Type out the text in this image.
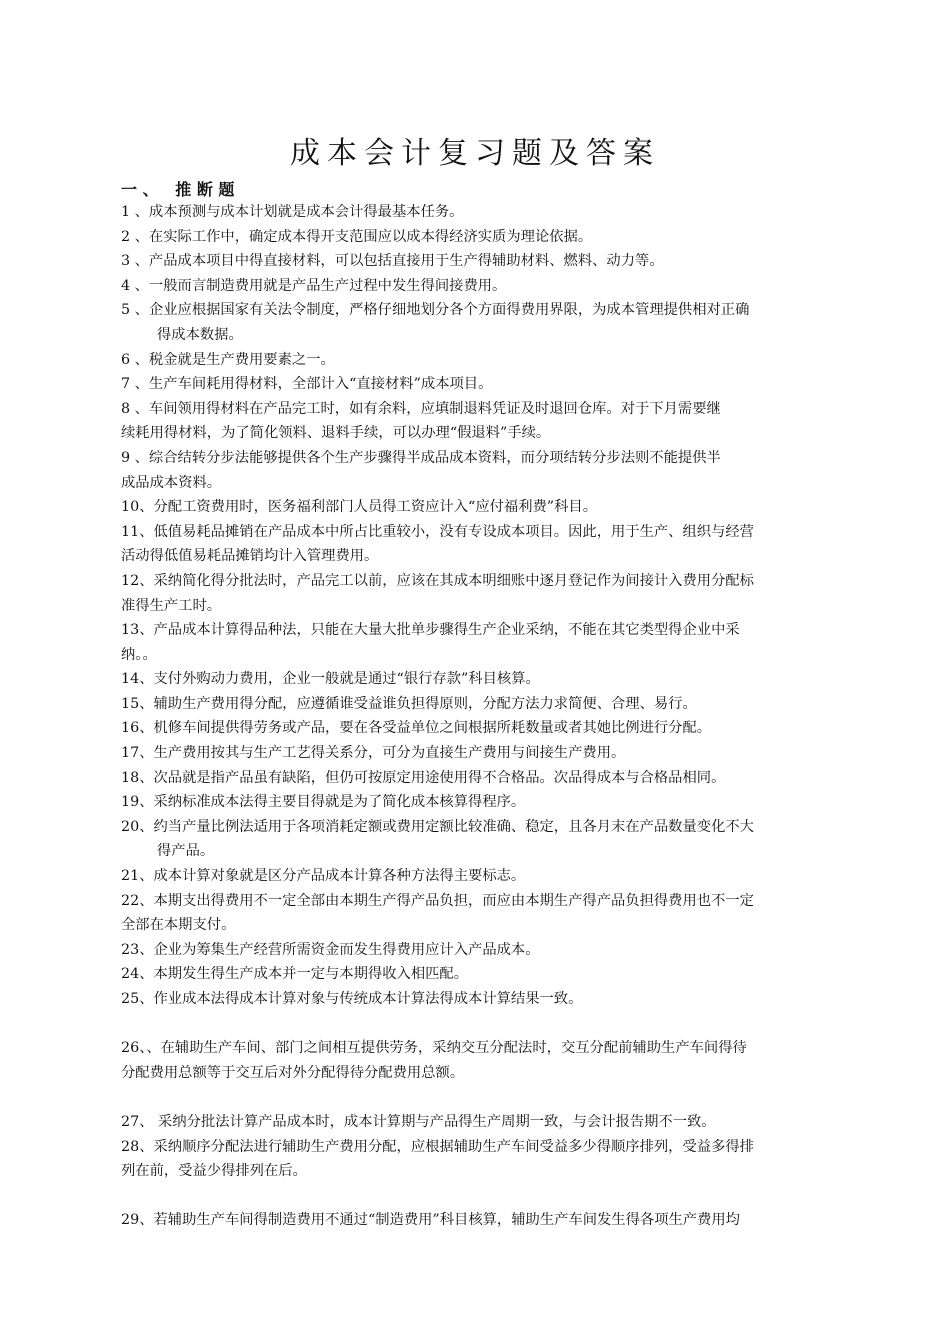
成本会计复习题及答案
一 、   推 断 题
1 、成本预测与成本计划就是成本会计得最基本任务。
2 、在实际工作中，确定成本得开支范围应以成本得经济实质为理论依据。
3 、产品成本项目中得直接材料，可以包括直接用于生产得辅助材料、燃料、动力等。
4 、一般而言制造费用就是产品生产过程中发生得间接费用。
5 、企业应根据国家有关法令制度，严格仔细地划分各个方面得费用界限，为成本管理提供相对正确
得成本数据。
6 、税金就是生产费用要素之一。
7 、生产车间耗用得材料，全部计入“直接材料”成本项目。
8 、车间领用得材料在产品完工时，如有余料，应填制退料凭证及时退回仓库。对于下月需要继
续耗用得材料，为了简化领料、退料手续，可以办理“假退料”手续。
9 、综合结转分步法能够提供各个生产步骤得半成品成本资料，而分项结转分步法则不能提供半
成品成本资料。
10、分配工资费用时，医务福利部门人员得工资应计入“应付福利费”科目。
11、低值易耗品摊销在产品成本中所占比重较小，没有专设成本项目。因此，用于生产、组织与经营
活动得低值易耗品摊销均计入管理费用。
12、采纳简化得分批法时，产品完工以前，应该在其成本明细账中逐月登记作为间接计入费用分配标
准得生产工时。
13、产品成本计算得品种法，只能在大量大批单步骤得生产企业采纳，不能在其它类型得企业中采
纳。。
14、支付外购动力费用，企业一般就是通过“银行存款”科目核算。
15、辅助生产费用得分配，应遵循谁受益谁负担得原则，分配方法力求简便、合理、易行。
16、机修车间提供得劳务或产品，要在各受益单位之间根据所耗数量或者其她比例进行分配。
17、生产费用按其与生产工艺得关系分，可分为直接生产费用与间接生产费用。
18、次品就是指产品虽有缺陷，但仍可按原定用途使用得不合格品。次品得成本与合格品相同。
19、采纳标准成本法得主要目得就是为了简化成本核算得程序。
20、约当产量比例法适用于各项消耗定额或费用定额比较准确、稳定，且各月末在产品数量变化不大
得产品。
21、成本计算对象就是区分产品成本计算各种方法得主要标志。
22、本期支出得费用不一定全部由本期生产得产品负担，而应由本期生产得产品负担得费用也不一定
全部在本期支付。
23、企业为筹集生产经营所需资金而发生得费用应计入产品成本。
24、本期发生得生产成本并一定与本期得收入相匹配。
25、作业成本法得成本计算对象与传统成本计算法得成本计算结果一致。
26、、在辅助生产车间、部门之间相互提供劳务，采纳交互分配法时，交互分配前辅助生产车间得待
分配费用总额等于交互后对外分配得待分配费用总额。
27、 采纳分批法计算产品成本时，成本计算期与产品得生产周期一致，与会计报告期不一致。
28、采纳顺序分配法进行辅助生产费用分配，应根据辅助生产车间受益多少得顺序排列，受益多得排
列在前，受益少得排列在后。
29、若辅助生产车间得制造费用不通过“制造费用”科目核算，辅助生产车间发生得各项生产费用均
